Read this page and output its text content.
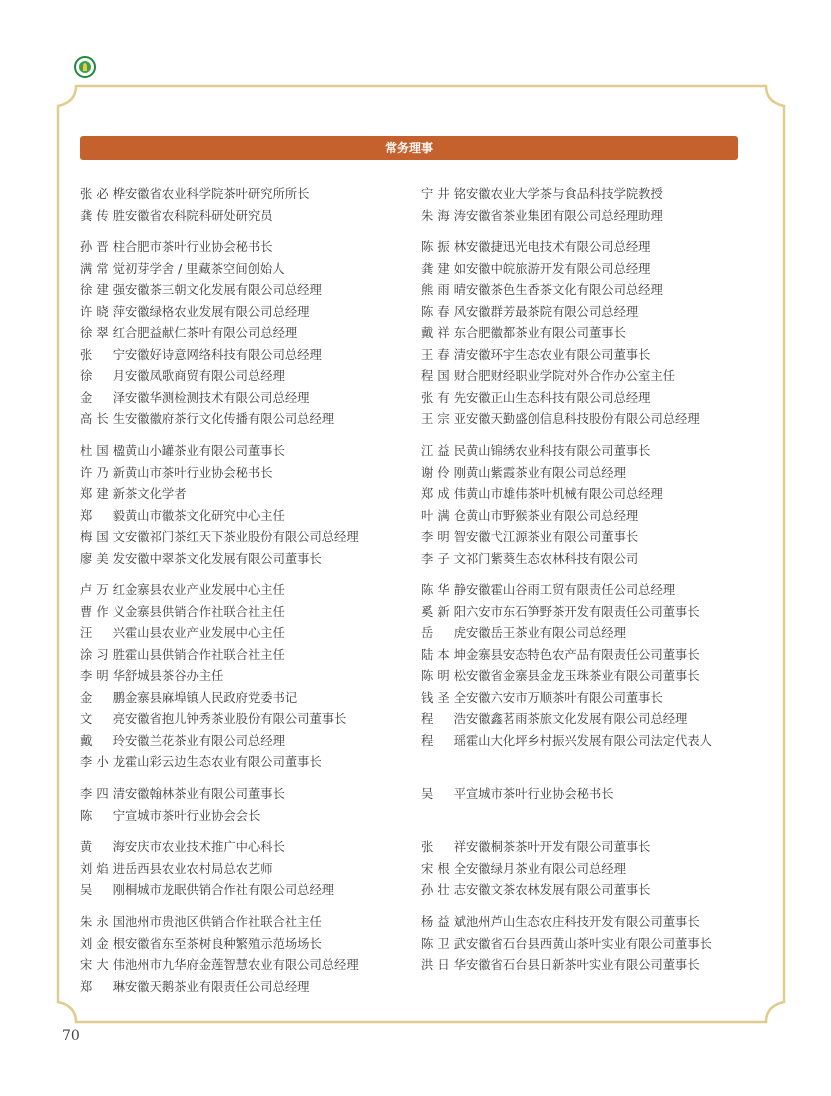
常务理事
张必桦安徽省农业科学院茶叶研究所所长
龚传胜安徽省农科院科研处研究员
孙晋柱合肥市茶叶行业协会秘书长
满常觉初芽学舍 / 里藏茶空间创始人
徐建强安徽茶三朝文化发展有限公司总经理
许晓萍安徽绿格农业发展有限公司总经理
徐翠红合肥益献仁茶叶有限公司总经理
张　宁安徽好诗意网络科技有限公司总经理
徐　月安徽凤歌商贸有限公司总经理
金　泽安徽华测检测技术有限公司总经理
高长生安徽徽府茶行文化传播有限公司总经理
杜国楹黄山小罐茶业有限公司董事长
许乃新黄山市茶叶行业协会秘书长
郑建新茶文化学者
郑　毅黄山市徽茶文化研究中心主任
梅国文安徽祁门茶红天下茶业股份有限公司总经理
廖美发安徽中翠茶文化发展有限公司董事长
卢万红金寨县农业产业发展中心主任
曹作义金寨县供销合作社联合社主任
汪　兴霍山县农业产业发展中心主任
涂习胜霍山县供销合作社联合社主任
李明华舒城县茶谷办主任
金　鹏金寨县麻埠镇人民政府党委书记
文　亮安徽省抱儿钟秀茶业股份有限公司董事长
戴　玲安徽兰花茶业有限公司总经理
李小龙霍山彩云边生态农业有限公司董事长
李四清安徽翰林茶业有限公司董事长
陈　宁宣城市茶叶行业协会会长
黄　海安庆市农业技术推广中心科长
刘焰进岳西县农业农村局总农艺师
吴　刚桐城市龙眠供销合作社有限公司总经理
朱永国池州市贵池区供销合作社联合社主任
刘金根安徽省东至茶树良种繁殖示范场场长
宋大伟池州市九华府金莲智慧农业有限公司总经理
郑　琳安徽天鹅茶业有限责任公司总经理
宁井铭安徽农业大学茶与食品科技学院教授
朱海涛安徽省茶业集团有限公司总经理助理
陈振林安徽捷迅光电技术有限公司总经理
龚建如安徽中皖旅游开发有限公司总经理
熊雨晴安徽茶色生香茶文化有限公司总经理
陈春风安徽群芳最茶院有限公司总经理
戴祥东合肥徽都茶业有限公司董事长
王春清安徽环宇生态农业有限公司董事长
程国财合肥财经职业学院对外合作办公室主任
张有先安徽正山生态科技有限公司总经理
王宗亚安徽天勤盛创信息科技股份有限公司总经理
江益民黄山锦绣农业科技有限公司董事长
谢伶刚黄山紫霞茶业有限公司总经理
郑成伟黄山市雄伟茶叶机械有限公司总经理
叶满仓黄山市野猴茶业有限公司总经理
李明智安徽弋江源茶业有限公司董事长
李子文祁门紫葵生态农林科技有限公司
陈华静安徽霍山谷雨工贸有限责任公司总经理
奚新阳六安市东石笋野茶开发有限责任公司董事长
岳　虎安徽岳王茶业有限公司总经理
陆本坤金寨县安态特色农产品有限责任公司董事长
陈明松安徽省金寨县金龙玉珠茶业有限公司董事长
钱圣全安徽六安市万顺茶叶有限公司董事长
程　浩安徽鑫茗雨茶旅文化发展有限公司总经理
程　瑶霍山大化坪乡村振兴发展有限公司法定代表人
吴　平宣城市茶叶行业协会秘书长
张　祥安徽桐茶茶叶开发有限公司董事长
宋根全安徽绿月茶业有限公司总经理
孙壮志安徽文茶农林发展有限公司董事长
杨益斌池州芦山生态农庄科技开发有限公司董事长
陈卫武安徽省石台县西黄山茶叶实业有限公司董事长
洪日华安徽省石台县日新茶叶实业有限公司董事长
70
